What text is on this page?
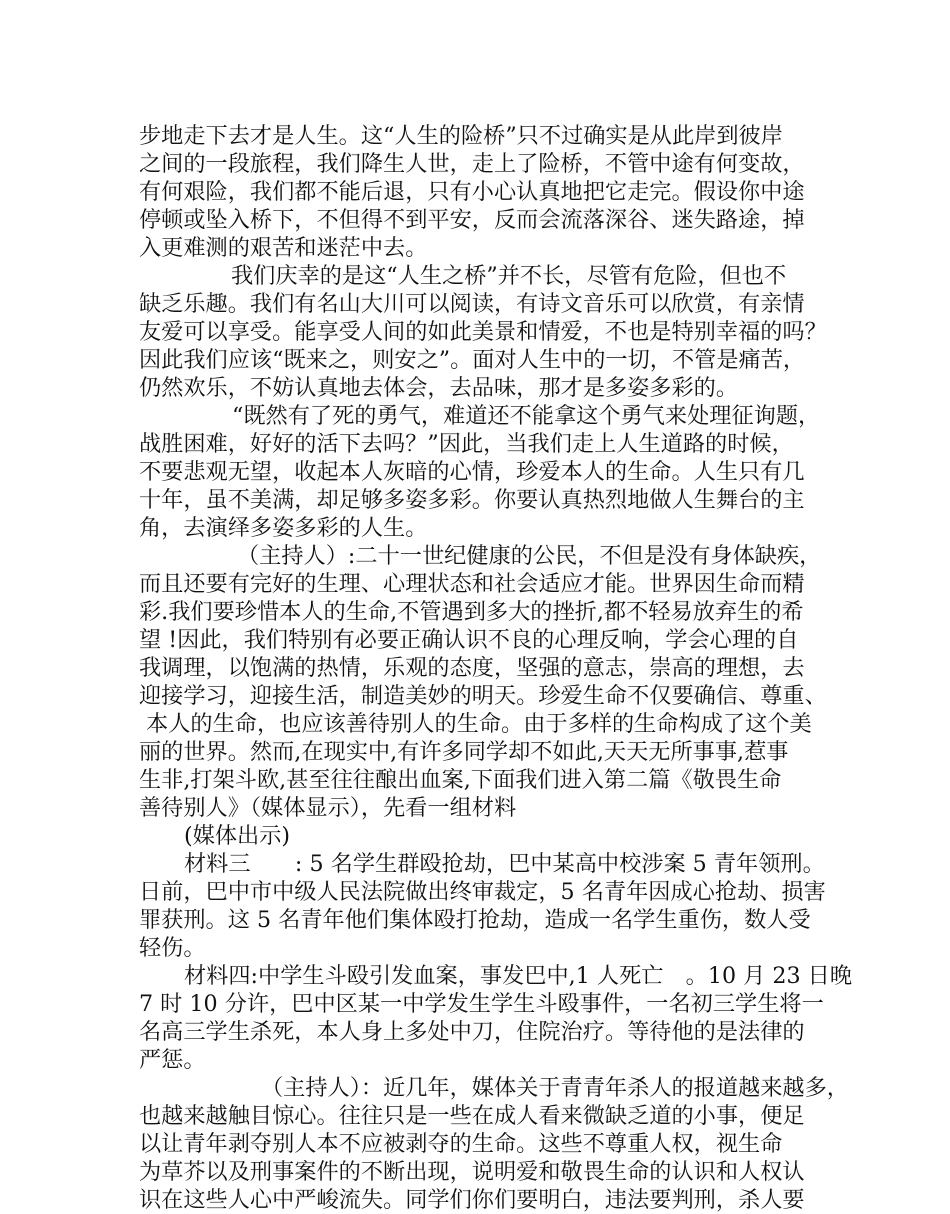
步地走下去才是人生。这“人生的险桥”只不过确实是从此岸到彼岸
之间的一段旅程，我们降生人世，走上了险桥，不管中途有何变故，
有何艰险，我们都不能后退，只有小心认真地把它走完。假设你中途
停顿或坠入桥下，不但得不到平安，反而会流落深谷、迷失路途，掉
入更难测的艰苦和迷茫中去。
我们庆幸的是这“人生之桥”并不长，尽管有危险，但也不
缺乏乐趣。我们有名山大川可以阅读，有诗文音乐可以欣赏，有亲情
友爱可以享受。能享受人间的如此美景和情爱，不也是特别幸福的吗？
因此我们应该“既来之，则安之”。面对人生中的一切，不管是痛苦，
仍然欢乐，不妨认真地去体会，去品味，那才是多姿多彩的。
“既然有了死的勇气，难道还不能拿这个勇气来处理征询题，
战胜困难，好好的活下去吗？”因此，当我们走上人生道路的时候，
不要悲观无望，收起本人灰暗的心情，珍爱本人的生命。人生只有几
十年，虽不美满，却足够多姿多彩。你要认真热烈地做人生舞台的主
角，去演绎多姿多彩的人生。
（主持人）:二十一世纪健康的公民，不但是没有身体缺疾，
而且还要有完好的生理、心理状态和社会适应才能。世界因生命而精
彩.我们要珍惜本人的生命,不管遇到多大的挫折,都不轻易放弃生的希
望 !因此，我们特别有必要正确认识不良的心理反响，学会心理的自
我调理，以饱满的热情，乐观的态度，坚强的意志，崇高的理想，去
迎接学习，迎接生活，制造美妙的明天。珍爱生命不仅要确信、尊重、
本人的生命，也应该善待别人的生命。由于多样的生命构成了这个美
丽的世界。然而,在现实中,有许多同学却不如此,天天无所事事,惹事
生非,打架斗欧,甚至往往酿出血案,下面我们进入第二篇《敬畏生命
善待别人》（媒体显示），先看一组材料
(媒体出示)
材料三　　: 5 名学生群殴抢劫，巴中某高中校涉案 5 青年领刑。
日前，巴中市中级人民法院做出终审裁定，5 名青年因成心抢劫、损害
罪获刑。这 5 名青年他们集体殴打抢劫，造成一名学生重伤，数人受
轻伤。
材料四:中学生斗殴引发血案，事发巴中,1 人死亡　。10 月 23 日晚
7 时 10 分许，巴中区某一中学发生学生斗殴事件，一名初三学生将一
名高三学生杀死，本人身上多处中刀，住院治疗。等待他的是法律的
严惩。
（主持人）：近几年，媒体关于青青年杀人的报道越来越多，
也越来越触目惊心。往往只是一些在成人看来微缺乏道的小事，便足
以让青年剥夺别人本不应被剥夺的生命。这些不尊重人权，视生命
为草芥以及刑事案件的不断出现，说明爱和敬畏生命的认识和人权认
识在这些人心中严峻流失。同学们你们要明白，违法要判刑，杀人要
